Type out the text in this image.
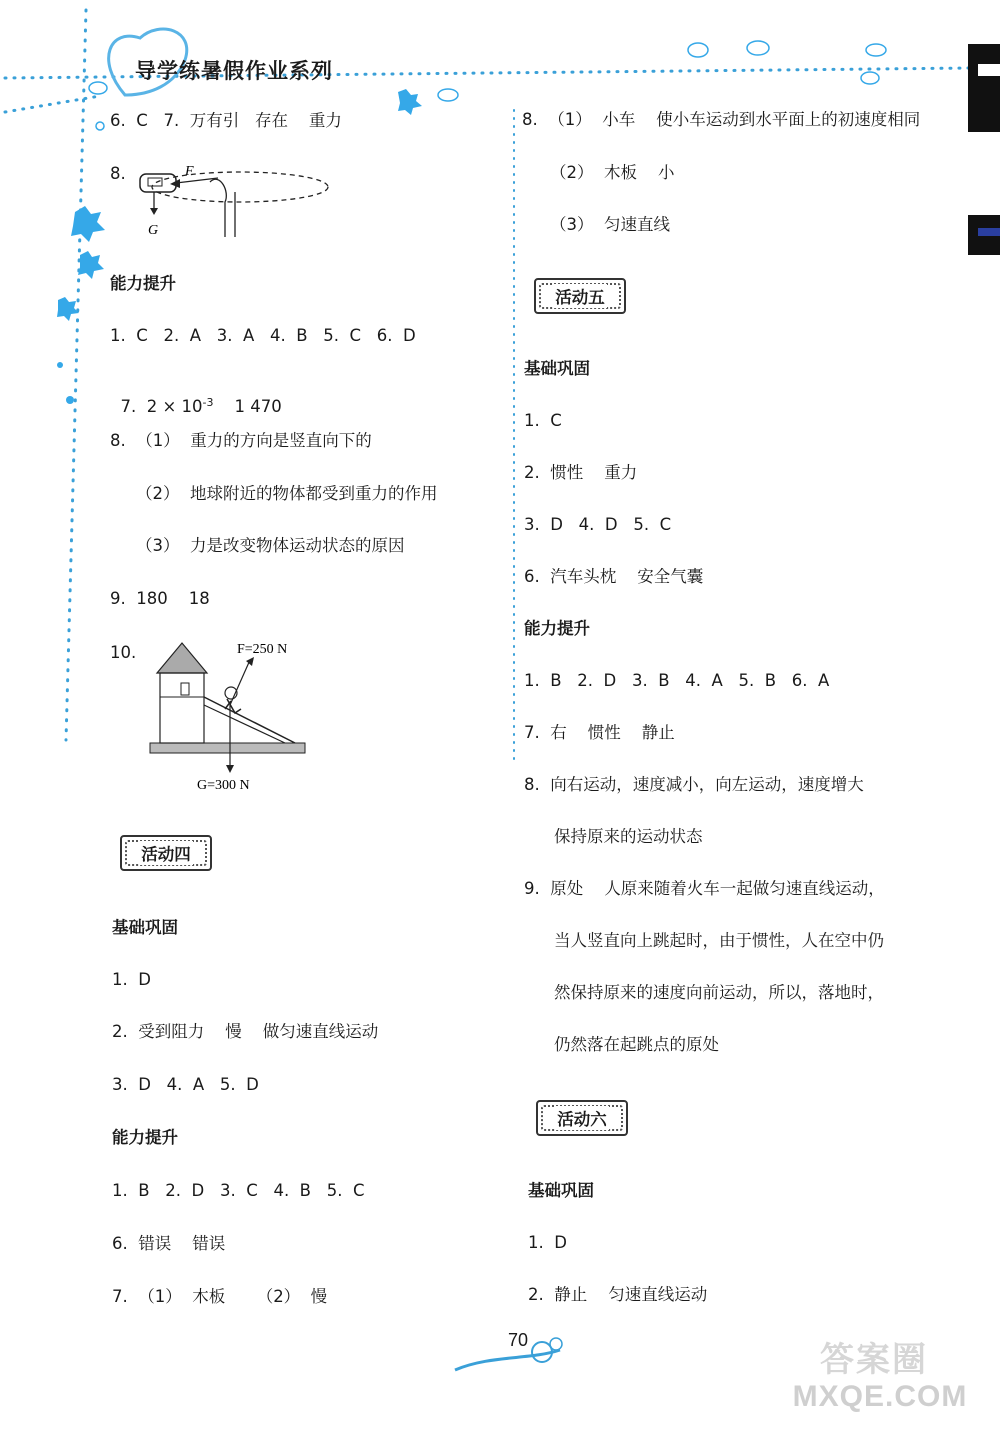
导学练暑假作业系列
6.  C   7.  万有引   存在    重力
8.	F
G
能力提升
1.  C   2.  A   3.  A   4.  B   5.  C   6.  D

7.  $2 \times 10^{-3}$ 1 470

8.  （1）  重力的方向是竖直向下的
（2）  地球附近的物体都受到重力的作用
（3）  力是改变物体运动状态的原因
9.  180    18
10.	F=250 N
G=300 N
活动四
基础巩固
1.  D
2.  受到阻力    慢    做匀速直线运动
3.  D   4.  A   5.  D
能力提升
1.  B   2.  D   3.  C   4.  B   5.  C
6.  错误    错误
7.  （1）  木板      （2）  慢
8.  （1）  小车    使小车运动到水平面上的初速度相同
（2）  木板    小
（3）  匀速直线
活动五
基础巩固
1.  C
2.  惯性    重力
3.  D   4.  D   5.  C
6.  汽车头枕    安全气囊
能力提升
1.  B   2.  D   3.  B   4.  A   5.  B   6.  A
7.  右    惯性    静止
8.  向右运动，速度减小，向左运动，速度增大
保持原来的运动状态
9.  原处    人原来随着火车一起做匀速直线运动，
当人竖直向上跳起时，由于惯性，人在空中仍
然保持原来的速度向前运动，所以，落地时，
仍然落在起跳点的原处
活动六
基础巩固
1.  D
2.  静止    匀速直线运动
70	答案圈
MXQE.COM
